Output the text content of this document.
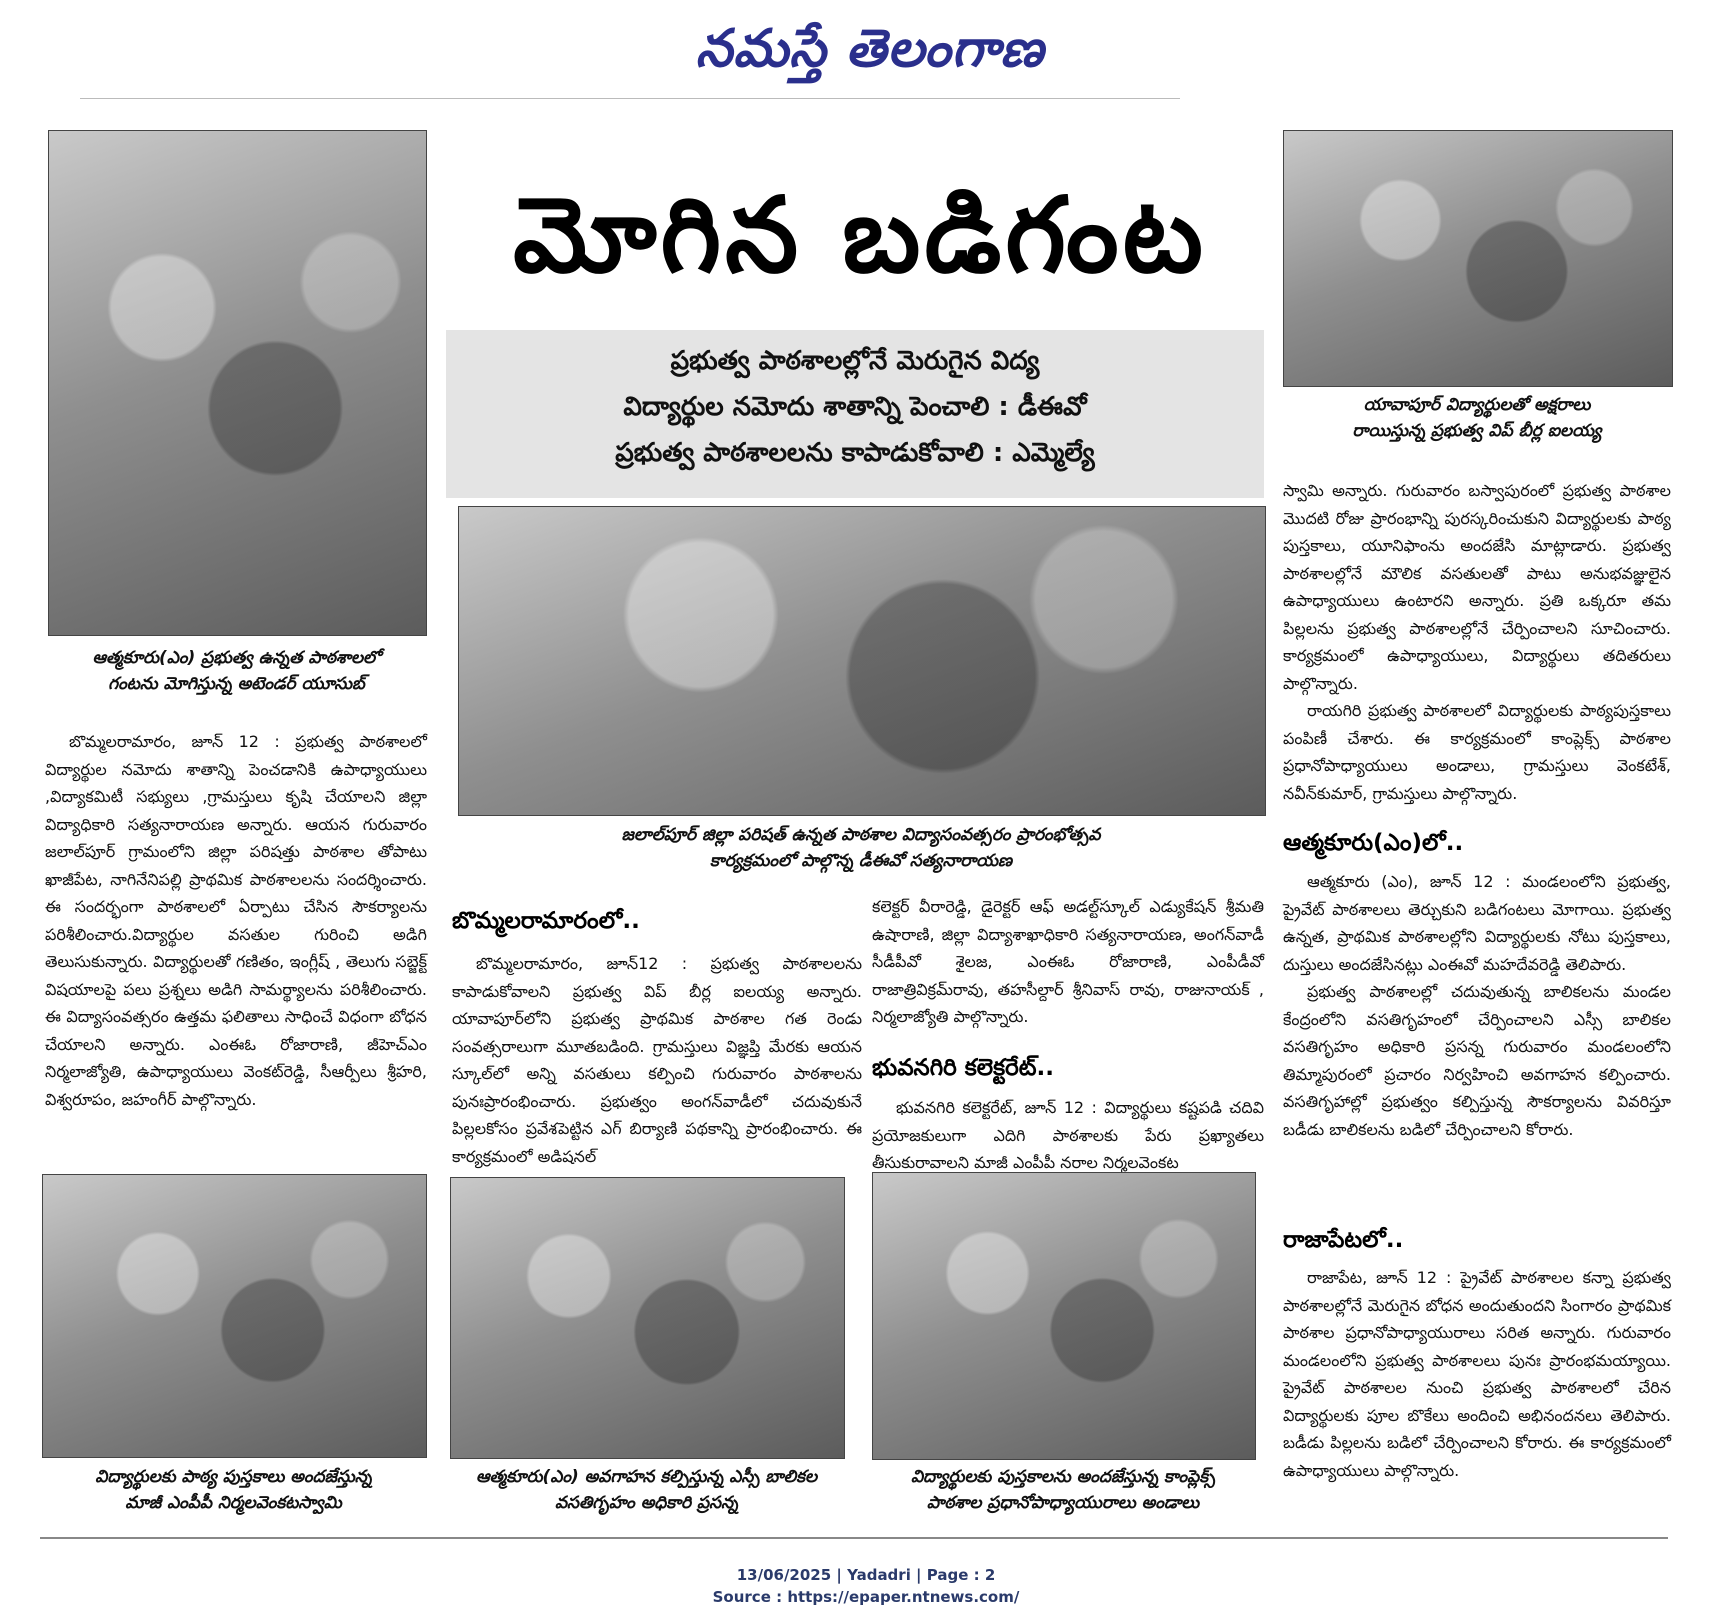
నమస్తే తెలంగాణ
ఆత్మకూరు(ఎం) ప్రభుత్వ ఉన్నత పాఠశాలలో
గంటను మోగిస్తున్న అటెండర్ యూసుబ్
మోగిన బడిగంట
ప్రభుత్వ పాఠశాలల్లోనే మెరుగైన విద్య
విద్యార్థుల నమోదు శాతాన్ని పెంచాలి : డీఈవో
ప్రభుత్వ పాఠశాలలను కాపాడుకోవాలి : ఎమ్మెల్యే
జలాల్‌పూర్ జిల్లా పరిషత్ ఉన్నత పాఠశాల విద్యాసంవత్సరం ప్రారంభోత్సవ
కార్యక్రమంలో పాల్గొన్న డీఈవో సత్యనారాయణ
యావాపూర్ విద్యార్థులతో అక్షరాలు
రాయిస్తున్న ప్రభుత్వ విప్ బీర్ల ఐలయ్య

బొమ్మలరామారం, జూన్ 12 : ప్రభుత్వ పాఠశాలలో విద్యార్థుల నమోదు శాతాన్ని పెంచడానికి ఉపాధ్యాయులు ,విద్యాకమిటీ సభ్యులు ,గ్రామస్తులు కృషి చేయాలని జిల్లా విద్యాధికారి సత్యనారాయణ అన్నారు. ఆయన గురువారం జలాల్‌పూర్ గ్రామంలోని జిల్లా పరిషత్తు పాఠశాల తోపాటు ఖాజీపేట, నాగినేనిపల్లి ప్రాథమిక పాఠశాలలను సందర్శించారు. ఈ సందర్భంగా పాఠశాలలో ఏర్పాటు చేసిన సౌకర్యాలను పరిశీలించారు.విద్యార్థుల వసతుల గురించి అడిగి తెలుసుకున్నారు. విద్యార్థులతో గణితం, ఇంగ్లీష్ , తెలుగు సబ్జెక్ట్ విషయాలపై పలు ప్రశ్నలు అడిగి సామర్థ్యాలను పరిశీలించారు. ఈ విద్యాసంవత్సరం ఉత్తమ ఫలితాలు సాధించే విధంగా బోధన చేయాలని అన్నారు. ఎంఈఓ రోజారాణి, జీహెచ్‌ఎం నిర్మలాజ్యోతి, ఉపాధ్యాయులు వెంకట్‌రెడ్డి, సీఆర్పీలు శ్రీహరి, విశ్వరూపం, జహంగీర్ పాల్గొన్నారు.

బొమ్మలరామారంలో..

బొమ్మలరామారం, జూన్12 : ప్రభుత్వ పాఠశాలలను కాపాడుకోవాలని ప్రభుత్వ విప్ బీర్ల ఐలయ్య అన్నారు. యావాపూర్‌లోని ప్రభుత్వ ప్రాథమిక పాఠశాల గత రెండు సంవత్సరాలుగా మూతబడింది. గ్రామస్తులు విజ్ఞప్తి మేరకు ఆయన స్కూల్‌లో అన్ని వసతులు కల్పించి గురువారం పాఠశాలను పునఃప్రారంభించారు. ప్రభుత్వం అంగన్‌వాడీలో చదువుకునే పిల్లలకోసం ప్రవేశపెట్టిన ఎగ్ బిర్యాణి పథకాన్ని ప్రారంభించారు. ఈ కార్యక్రమంలో అడిషనల్

కలెక్టర్ వీరారెడ్డి, డైరెక్టర్ ఆఫ్ అడల్ట్‌స్కూల్ ఎడ్యుకేషన్ శ్రీమతి ఉషారాణి, జిల్లా విద్యాశాఖాధికారి సత్యనారాయణ, అంగన్‌వాడీ సీడీపీవో శైలజ, ఎంఈఓ రోజారాణి, ఎంపీడీవో రాజాత్రివిక్రమ్‌రావు, తహసీల్దార్ శ్రీనివాస్ రావు, రాజునాయక్ , నిర్మలాజ్యోతి పాల్గొన్నారు.

భువనగిరి కలెక్టరేట్..

భువనగిరి కలెక్టరేట్, జూన్ 12 : విద్యార్థులు కష్టపడి చదివి ప్రయోజకులుగా ఎదిగి పాఠశాలకు పేరు ప్రఖ్యాతలు తీసుకురావాలని మాజీ ఎంపీపీ నరాల నిర్మలవెంకట

స్వామి అన్నారు. గురువారం బస్వాపురంలో ప్రభుత్వ పాఠశాల మొదటి రోజు ప్రారంభాన్ని పురస్కరించుకుని విద్యార్థులకు పాఠ్య పుస్తకాలు, యూనిఫాంను అందజేసి మాట్లాడారు. ప్రభుత్వ పాఠశాలల్లోనే మౌలిక వసతులతో పాటు అనుభవజ్ఞులైన ఉపాధ్యాయులు ఉంటారని అన్నారు. ప్రతి ఒక్కరూ తమ పిల్లలను ప్రభుత్వ పాఠశాలల్లోనే చేర్పించాలని సూచించారు. కార్యక్రమంలో ఉపాధ్యాయులు, విద్యార్థులు తదితరులు పాల్గొన్నారు.

రాయగిరి ప్రభుత్వ పాఠశాలలో విద్యార్థులకు పాఠ్యపుస్తకాలు పంపిణీ చేశారు. ఈ కార్యక్రమంలో కాంప్లెక్స్ పాఠశాల ప్రధానోపాధ్యాయులు అండాలు, గ్రామస్తులు వెంకటేశ్, నవీన్‌కుమార్, గ్రామస్తులు పాల్గొన్నారు.

ఆత్మకూరు(ఎం)లో..

ఆత్మకూరు (ఎం), జూన్ 12 : మండలంలోని ప్రభుత్వ, ప్రైవేట్ పాఠశాలలు తెర్చుకుని బడిగంటలు మోగాయి. ప్రభుత్వ ఉన్నత, ప్రాథమిక పాఠశాలల్లోని విద్యార్థులకు నోటు పుస్తకాలు, దుస్తులు అందజేసినట్లు ఎంఈవో మహదేవరెడ్డి తెలిపారు.

ప్రభుత్వ పాఠశాలల్లో చదువుతున్న బాలికలను మండల కేంద్రంలోని వసతిగృహంలో చేర్పించాలని ఎస్సీ బాలికల వసతిగృహం అధికారి ప్రసన్న గురువారం మండలంలోని తిమ్మాపురంలో ప్రచారం నిర్వహించి అవగాహన కల్పించారు. వసతిగృహాల్లో ప్రభుత్వం కల్పిస్తున్న సౌకర్యాలను వివరిస్తూ బడీడు బాలికలను బడిలో చేర్పించాలని కోరారు.

రాజాపేటలో..

రాజాపేట, జూన్ 12 : ప్రైవేట్ పాఠశాలల కన్నా ప్రభుత్వ పాఠశాలల్లోనే మెరుగైన బోధన అందుతుందని సింగారం ప్రాథమిక పాఠశాల ప్రధానోపాధ్యాయురాలు సరిత అన్నారు. గురువారం మండలంలోని ప్రభుత్వ పాఠశాలలు పునః ప్రారంభమయ్యాయి. ప్రైవేట్ పాఠశాలల నుంచి ప్రభుత్వ పాఠశాలలో చేరిన విద్యార్థులకు పూల బొకేలు అందించి అభినందనలు తెలిపారు. బడీడు పిల్లలను బడిలో చేర్పించాలని కోరారు. ఈ కార్యక్రమంలో ఉపాధ్యాయులు పాల్గొన్నారు.

విద్యార్థులకు పాఠ్య పుస్తకాలు అందజేస్తున్న
మాజీ ఎంపీపీ నిర్మలవెంకటస్వామి
ఆత్మకూరు(ఎం) అవగాహన కల్పిస్తున్న ఎస్సీ బాలికల
వసతిగృహం అధికారి ప్రసన్న
విద్యార్థులకు పుస్తకాలను అందజేస్తున్న కాంప్లెక్స్
పాఠశాల ప్రధానోపాధ్యాయురాలు అండాలు
13/06/2025 | Yadadri | Page : 2
Source : https://epaper.ntnews.com/
